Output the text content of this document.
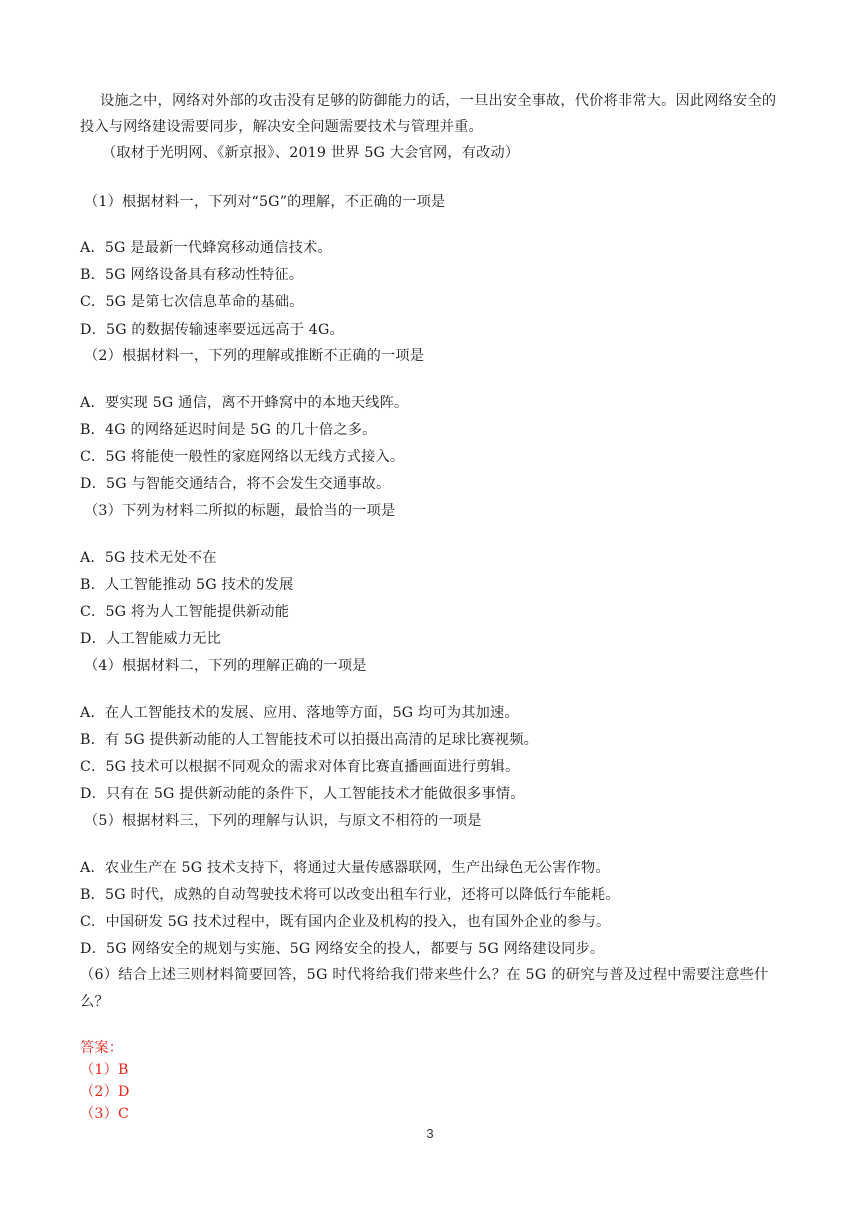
设施之中，网络对外部的攻击没有足够的防御能力的话，一旦出安全事故，代价将非常大。因此网络安全的投入与网络建设需要同步，解决安全问题需要技术与管理并重。

（取材于光明网、《新京报》、2019 世界 5G 大会官网，有改动）

（1）根据材料一，下列对“5G”的理解，不正确的一项是
A．5G 是最新一代蜂窝移动通信技术。
B．5G 网络设备具有移动性特征。
C．5G 是第七次信息革命的基础。
D．5G 的数据传输速率要远远高于 4G。
（2）根据材料一，下列的理解或推断不正确的一项是
A．要实现 5G 通信，离不开蜂窝中的本地天线阵。
B．4G 的网络延迟时间是 5G 的几十倍之多。
C．5G 将能使一般性的家庭网络以无线方式接入。
D．5G 与智能交通结合，将不会发生交通事故。
（3）下列为材料二所拟的标题，最恰当的一项是
A．5G 技术无处不在
B．人工智能推动 5G 技术的发展
C．5G 将为人工智能提供新动能
D．人工智能威力无比
（4）根据材料二，下列的理解正确的一项是
A．在人工智能技术的发展、应用、落地等方面，5G 均可为其加速。
B．有 5G 提供新动能的人工智能技术可以拍摄出高清的足球比赛视频。
C．5G 技术可以根据不同观众的需求对体育比赛直播画面进行剪辑。
D．只有在 5G 提供新动能的条件下，人工智能技术才能做很多事情。
（5）根据材料三，下列的理解与认识，与原文不相符的一项是
A．农业生产在 5G 技术支持下，将通过大量传感器联网，生产出绿色无公害作物。
B．5G 时代，成熟的自动驾驶技术将可以改变出租车行业，还将可以降低行车能耗。
C．中国研发 5G 技术过程中，既有国内企业及机构的投入，也有国外企业的参与。
D．5G 网络安全的规划与实施、5G 网络安全的投人，都要与 5G 网络建设同步。
（6）结合上述三则材料简要回答，5G 时代将给我们带来些什么？在 5G 的研究与普及过程中需要注意些什么？
答案：
（1）B
（2）D
（3）C
3
